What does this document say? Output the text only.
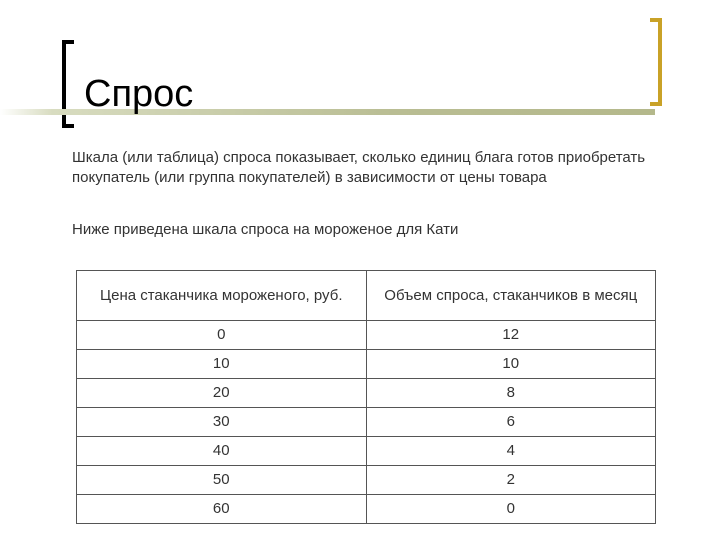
Спрос
Шкала (или таблица) спроса показывает, сколько единиц блага готов приобретать покупатель (или группа покупателей) в зависимости от цены товара
Ниже приведена шкала спроса на мороженое для Кати
Цена стаканчика мороженого, руб.	Объем спроса, стаканчиков в месяц
0	12
10	10
20	8
30	6
40	4
50	2
60	0
